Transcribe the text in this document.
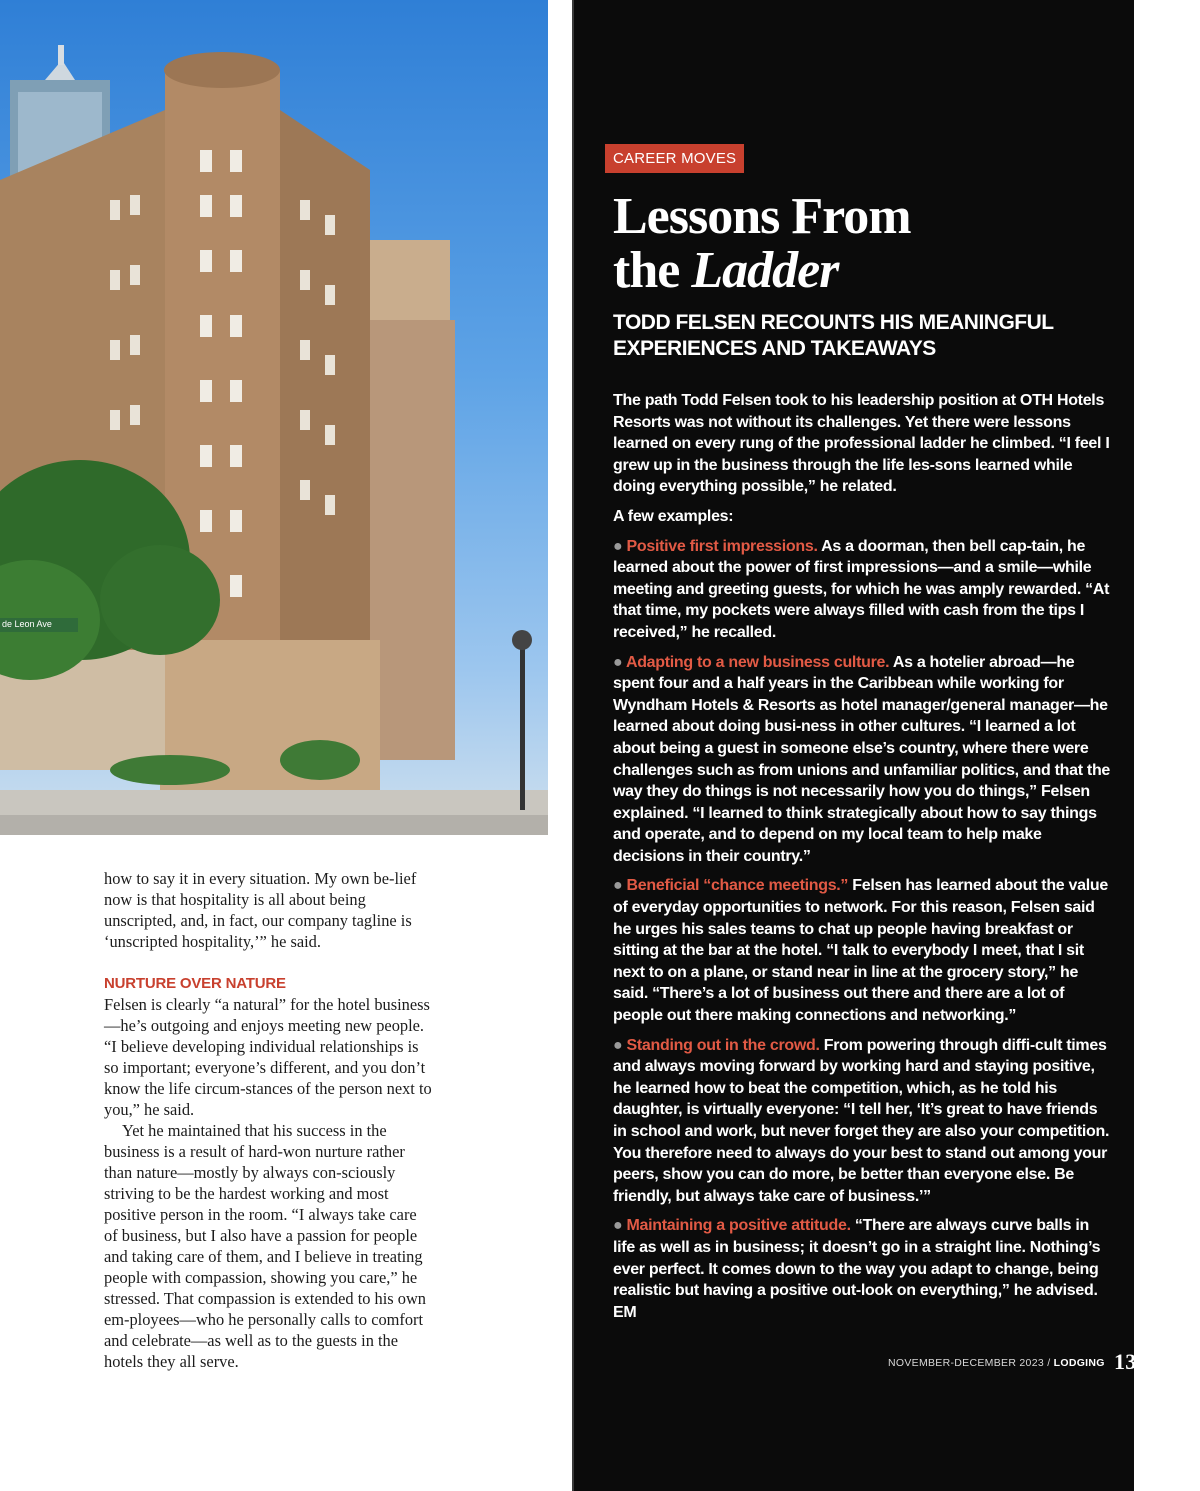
de Leon Ave

how to say it in every situation. My own be-lief now is that hospitality is all about being unscripted, and, in fact, our company tagline is ‘unscripted hospitality,’” he said.

NURTURE OVER NATURE

Felsen is clearly “a natural” for the hotel business—he’s outgoing and enjoys meeting new people. “I believe developing individual relationships is so important; everyone’s different, and you don’t know the life circum-stances of the person next to you,” he said.

Yet he maintained that his success in the business is a result of hard-won nurture rather than nature—mostly by always con-sciously striving to be the hardest working and most positive person in the room. “I always take care of business, but I also have a passion for people and taking care of them, and I believe in treating people with compassion, showing you care,” he stressed. That compassion is extended to his own em-ployees—who he personally calls to comfort and celebrate—as well as to the guests in the hotels they all serve.

CAREER MOVES
Lessons From
the Ladder
TODD FELSEN RECOUNTS HIS MEANINGFUL EXPERIENCES AND TAKEAWAYS

The path Todd Felsen took to his leadership position at OTH Hotels Resorts was not without its challenges. Yet there were lessons learned on every rung of the professional ladder he climbed. “I feel I grew up in the business through the life les-sons learned while doing everything possible,” he related.

A few examples:

● Positive first impressions. As a doorman, then bell cap-tain, he learned about the power of first impressions—and a smile—while meeting and greeting guests, for which he was amply rewarded. “At that time, my pockets were always filled with cash from the tips I received,” he recalled.

● Adapting to a new business culture. As a hotelier abroad—he spent four and a half years in the Caribbean while working for Wyndham Hotels & Resorts as hotel manager/general manager—he learned about doing busi-ness in other cultures. “I learned a lot about being a guest in someone else’s country, where there were challenges such as from unions and unfamiliar politics, and that the way they do things is not necessarily how you do things,” Felsen explained. “I learned to think strategically about how to say things and operate, and to depend on my local team to help make decisions in their country.”

● Beneficial “chance meetings.” Felsen has learned about the value of everyday opportunities to network. For this reason, Felsen said he urges his sales teams to chat up people having breakfast or sitting at the bar at the hotel. “I talk to everybody I meet, that I sit next to on a plane, or stand near in line at the grocery story,” he said. “There’s a lot of business out there and there are a lot of people out there making connections and networking.”

● Standing out in the crowd. From powering through diffi-cult times and always moving forward by working hard and staying positive, he learned how to beat the competition, which, as he told his daughter, is virtually everyone: “I tell her, ‘It’s great to have friends in school and work, but never forget they are also your competition. You therefore need to always do your best to stand out among your peers, show you can do more, be better than everyone else. Be friendly, but always take care of business.’”

● Maintaining a positive attitude. “There are always curve balls in life as well as in business; it doesn’t go in a straight line. Nothing’s ever perfect. It comes down to the way you adapt to change, being realistic but having a positive out-look on everything,” he advised. EM

NOVEMBER-DECEMBER 2023 / LODGING 13
